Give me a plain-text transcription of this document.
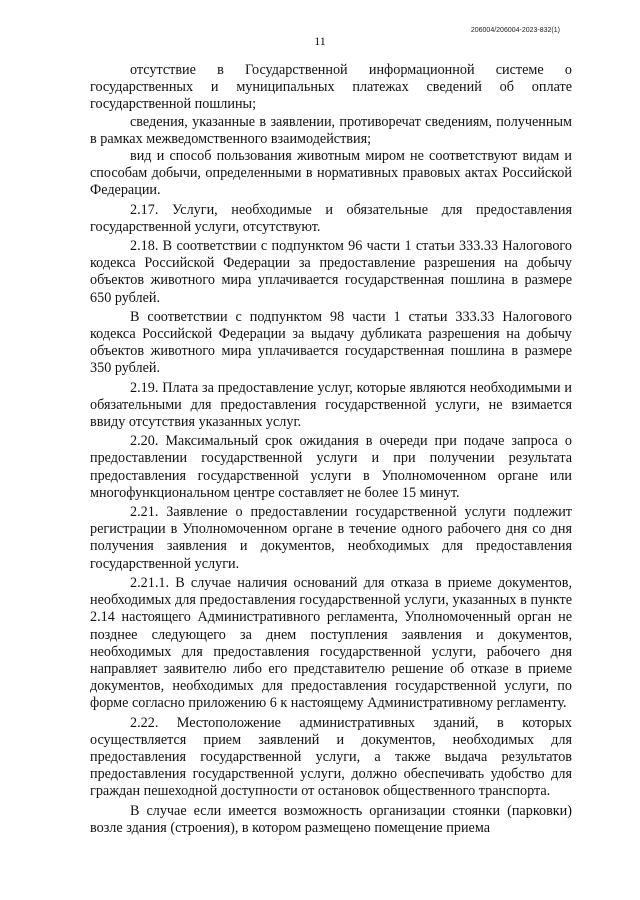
206004/206004-2023-832(1)
11

отсутствие в Государственной информационной системе о государственных и муниципальных платежах сведений об оплате государственной пошлины;

сведения, указанные в заявлении, противоречат сведениям, полученным в рамках межведомственного взаимодействия;

вид и способ пользования животным миром не соответствуют видам и способам добычи, определенными в нормативных правовых актах Российской Федерации.

2.17. Услуги, необходимые и обязательные для предоставления государственной услуги, отсутствуют.

2.18. В соответствии с подпунктом 96 части 1 статьи 333.33 Налогового кодекса Российской Федерации за предоставление разрешения на добычу объектов животного мира уплачивается государственная пошлина в размере 650 рублей.

В соответствии с подпунктом 98 части 1 статьи 333.33 Налогового кодекса Российской Федерации за выдачу дубликата разрешения на добычу объектов животного мира уплачивается государственная пошлина в размере 350 рублей.

2.19. Плата за предоставление услуг, которые являются необходимыми и обязательными для предоставления государственной услуги, не взимается ввиду отсутствия указанных услуг.

2.20. Максимальный срок ожидания в очереди при подаче запроса о предоставлении государственной услуги и при получении результата предоставления государственной услуги в Уполномоченном органе или многофункциональном центре составляет не более 15 минут.

2.21. Заявление о предоставлении государственной услуги подлежит регистрации в Уполномоченном органе в течение одного рабочего дня со дня получения заявления и документов, необходимых для предоставления государственной услуги.

2.21.1. В случае наличия оснований для отказа в приеме документов, необходимых для предоставления государственной услуги, указанных в пункте 2.14 настоящего Административного регламента, Уполномоченный орган не позднее следующего за днем поступления заявления и документов, необходимых для предоставления государственной услуги, рабочего дня направляет заявителю либо его представителю решение об отказе в приеме документов, необходимых для предоставления государственной услуги, по форме согласно приложению 6 к настоящему Административному регламенту.

2.22. Местоположение административных зданий, в которых осуществляется прием заявлений и документов, необходимых для предоставления государственной услуги, а также выдача результатов предоставления государственной услуги, должно обеспечивать удобство для граждан пешеходной доступности от остановок общественного транспорта.

В случае если имеется возможность организации стоянки (парковки) возле здания (строения), в котором размещено помещение приема
